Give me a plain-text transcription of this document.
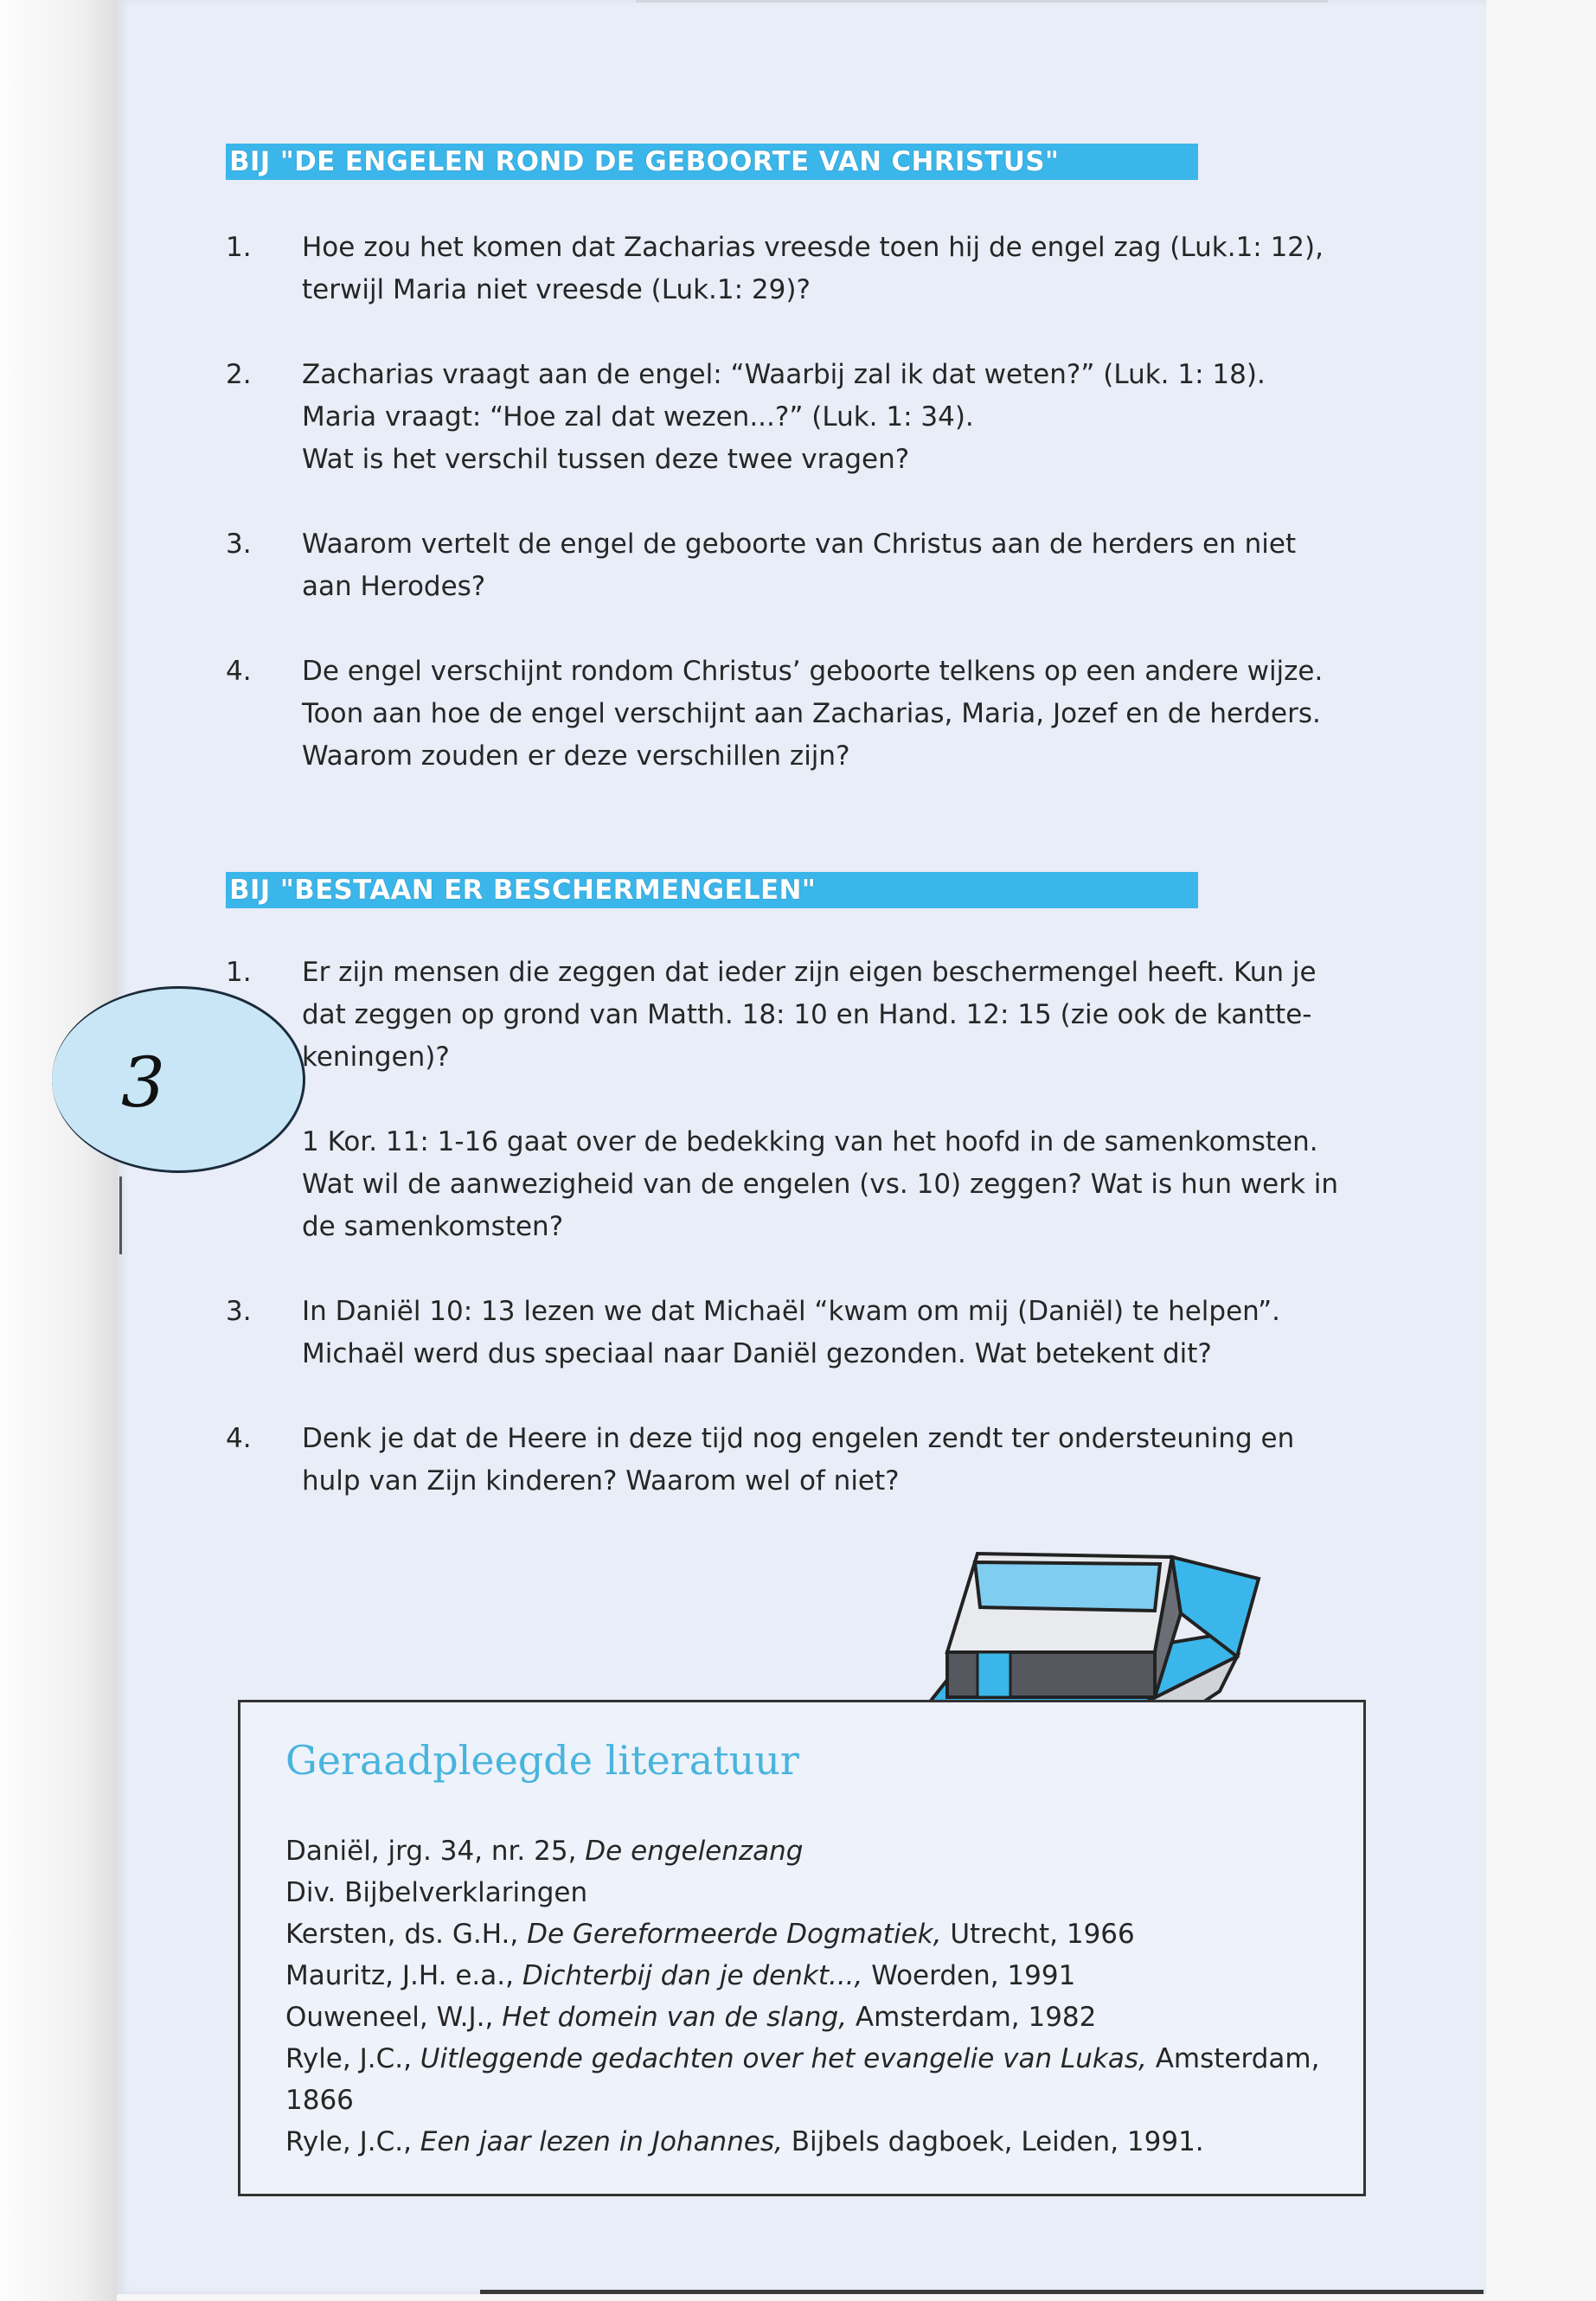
BIJ "DE ENGELEN ROND DE GEBOORTE VAN CHRISTUS"
1.	Hoe zou het komen dat Zacharias vreesde toen hij de engel zag (Luk.1: 12),
terwijl Maria niet vreesde (Luk.1: 29)?
2.	Zacharias vraagt aan de engel: “Waarbij zal ik dat weten?” (Luk. 1: 18).
Maria vraagt: “Hoe zal dat wezen...?” (Luk. 1: 34).
Wat is het verschil tussen deze twee vragen?
3.	Waarom vertelt de engel de geboorte van Christus aan de herders en niet
aan Herodes?
4.	De engel verschijnt rondom Christus’ geboorte telkens op een andere wijze.
Toon aan hoe de engel verschijnt aan Zacharias, Maria, Jozef en de herders.
Waarom zouden er deze verschillen zijn?
BIJ "BESTAAN ER BESCHERMENGELEN"
1.	Er zijn mensen die zeggen dat ieder zijn eigen beschermengel heeft. Kun je
dat zeggen op grond van Matth. 18: 10 en Hand. 12: 15 (zie ook de kantte-
keningen)?
1 Kor. 11: 1-16 gaat over de bedekking van het hoofd in de samenkomsten.
Wat wil de aanwezigheid van de engelen (vs. 10) zeggen? Wat is hun werk in
de samenkomsten?
3.	In Daniël 10: 13 lezen we dat Michaël “kwam om mij (Daniël) te helpen”.
Michaël werd dus speciaal naar Daniël gezonden. Wat betekent dit?
4.	Denk je dat de Heere in deze tijd nog engelen zendt ter ondersteuning en
hulp van Zijn kinderen? Waarom wel of niet?
Geraadpleegde literatuur
Daniël, jrg. 34, nr. 25, De engelenzang
Div. Bijbelverklaringen
Kersten, ds. G.H., De Gereformeerde Dogmatiek, Utrecht, 1966
Mauritz, J.H. e.a., Dichterbij dan je denkt..., Woerden, 1991
Ouweneel, W.J., Het domein van de slang, Amsterdam, 1982
Ryle, J.C., Uitleggende gedachten over het evangelie van Lukas, Amsterdam,
1866
Ryle, J.C., Een jaar lezen in Johannes, Bijbels dagboek, Leiden, 1991.
3
